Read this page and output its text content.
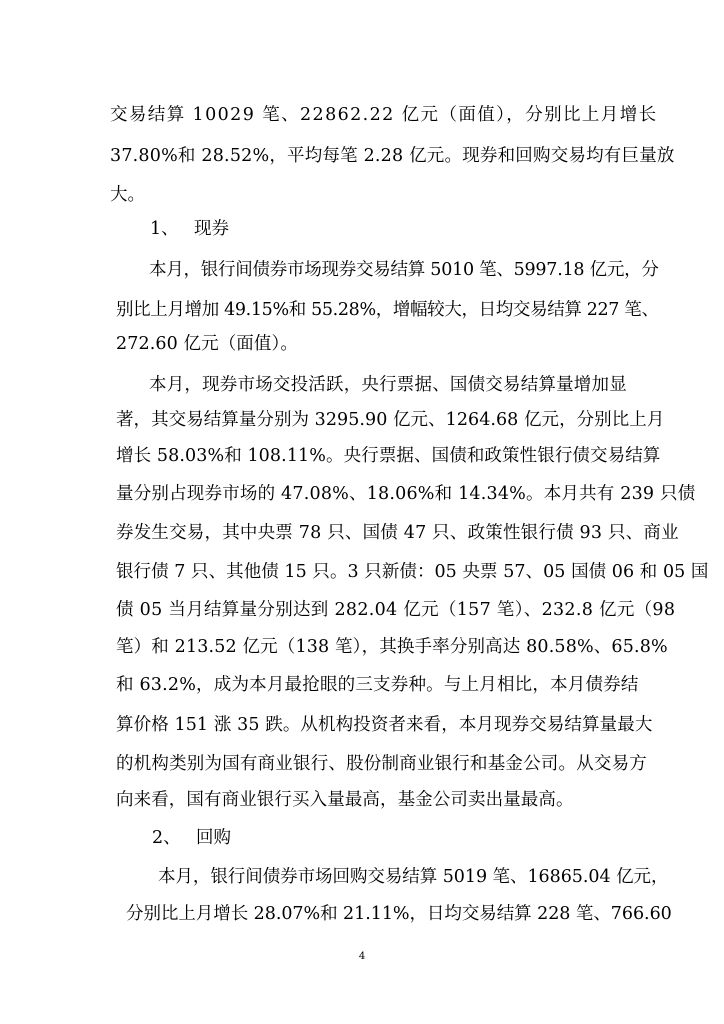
交易结算 10029 笔、22862.22 亿元（面值），分别比上月增长
37.80%和 28.52%，平均每笔 2.28 亿元。现券和回购交易均有巨量放
大。
1、 现券
本月，银行间债券市场现券交易结算 5010 笔、5997.18 亿元，分
别比上月增加 49.15%和 55.28%，增幅较大，日均交易结算 227 笔、
272.60 亿元（面值）。
本月，现券市场交投活跃，央行票据、国债交易结算量增加显
著，其交易结算量分别为 3295.90 亿元、1264.68 亿元，分别比上月
增长 58.03%和 108.11%。央行票据、国债和政策性银行债交易结算
量分别占现券市场的 47.08%、18.06%和 14.34%。本月共有 239 只债
券发生交易，其中央票 78 只、国债 47 只、政策性银行债 93 只、商业
银行债 7 只、其他债 15 只。3 只新债：05 央票 57、05 国债 06 和 05 国
债 05 当月结算量分别达到 282.04 亿元（157 笔）、232.8 亿元（98
笔）和 213.52 亿元（138 笔），其换手率分别高达 80.58%、65.8%
和 63.2%，成为本月最抢眼的三支券种。与上月相比，本月债券结
算价格 151 涨 35 跌。从机构投资者来看，本月现券交易结算量最大
的机构类别为国有商业银行、股份制商业银行和基金公司。从交易方
向来看，国有商业银行买入量最高，基金公司卖出量最高。
2、 回购
本月，银行间债券市场回购交易结算 5019 笔、16865.04 亿元，
分别比上月增长 28.07%和 21.11%，日均交易结算 228 笔、766.60
4
